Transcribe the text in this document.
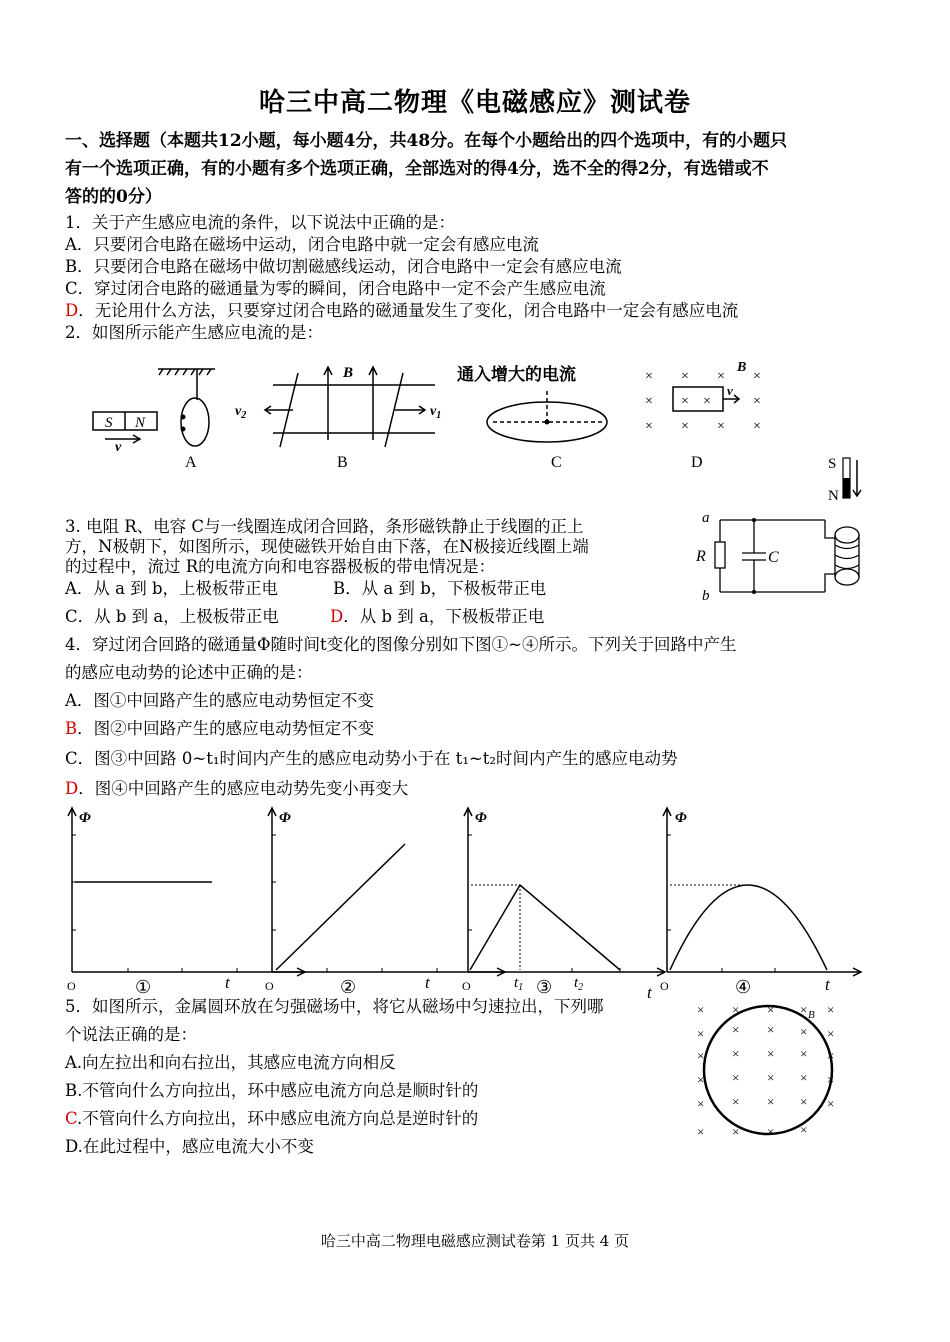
哈三中高二物理《电磁感应》测试卷
一、选择题（本题共12小题，每小题4分，共48分。在每个小题给出的四个选项中，有的小题只
有一个选项正确，有的小题有多个选项正确，全部选对的得4分，选不全的得2分，有选错或不
答的的0分）
1．关于产生感应电流的条件，以下说法中正确的是：
A．只要闭合电路在磁场中运动，闭合电路中就一定会有感应电流
B．只要闭合电路在磁场中做切割磁感线运动，闭合电路中一定会有感应电流
C．穿过闭合电路的磁通量为零的瞬间，闭合电路中一定不会产生感应电流
D．无论用什么方法，只要穿过闭合电路的磁通量发生了变化，闭合电路中一定会有感应电流
2．如图所示能产生感应电流的是：
S N
v
A
B
$v_2$	$v_1$
B
通入增大的电流
C
× × × ×
× ×	×
× × × ×
×
v
B
D	S
N
a
b
R	C
3. 电阻 R、电容 C与一线圈连成闭合回路，条形磁铁静止于线圈的正上
方，N极朝下，如图所示，现使磁铁开始自由下落，在N极接近线圈上端
的过程中，流过 R的电流方向和电容器极板的带电情况是：
A．从 a 到 b，上极板带正电	B．从 a 到 b，下极板带正电
C．从 b 到 a，上极板带正电	D．从 b 到 a，下极板带正电
4．穿过闭合回路的磁通量Φ随时间t变化的图像分别如下图①~④所示。下列关于回路中产生
的感应电动势的论述中正确的是：
A．图①中回路产生的感应电动势恒定不变
B．图②中回路产生的感应电动势恒定不变
C．图③中回路 0~t₁时间内产生的感应电动势小于在 t₁~t₂时间内产生的感应电动势
D．图④中回路产生的感应电动势先变小再变大
Φ	Φ	Φ	Φ
O	O	O	O
t	t
t	t
$t_1$	$t_2$
①	②	③	④
5．如图所示，金属圆环放在匀强磁场中，将它从磁场中匀速拉出，下列哪
个说法正确的是：
A.向左拉出和向右拉出，其感应电流方向相反
B.不管向什么方向拉出，环中感应电流方向总是顺时针的
C.不管向什么方向拉出，环中感应电流方向总是逆时针的
D.在此过程中，感应电流大小不变
× × × × ×
× × × × ×
× × × × ×
× × × × ×
× × × × ×
× × × ×
B
哈三中高二物理电磁感应测试卷第 1 页共 4 页
